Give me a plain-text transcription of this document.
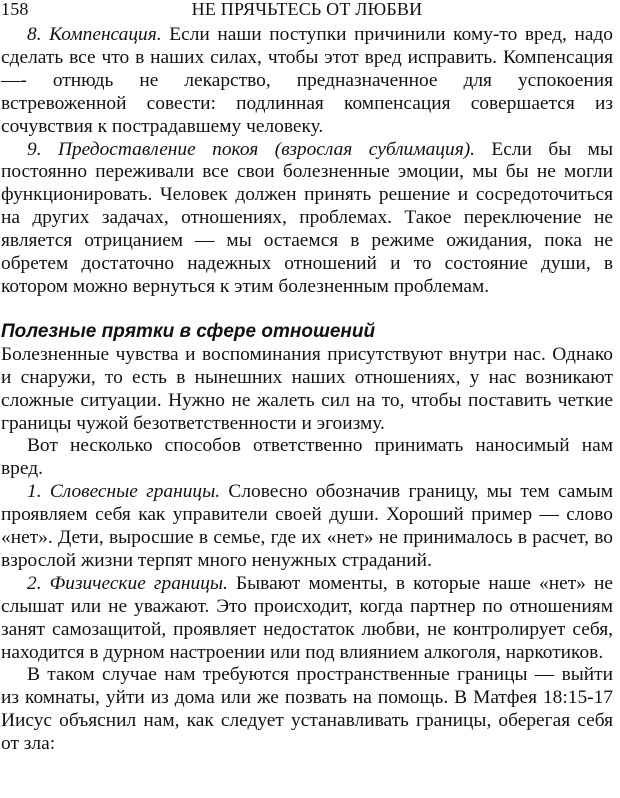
158	НЕ ПРЯЧЬТЕСЬ ОТ ЛЮБВИ

8. Компенсация. Если наши поступки причинили кому-то вред, надо сделать все что в наших силах, чтобы этот вред исправить. Компенсация —- отнюдь не лекарство, предназначенное для успокоения встревоженной совести: подлинная компенсация совершается из сочувствия к пострадавшему человеку.

9. Предоставление покоя (взрослая сублимация). Если бы мы постоянно переживали все свои болезненные эмоции, мы бы не могли функционировать. Человек должен принять решение и сосредоточиться на других задачах, отношениях, проблемах. Такое переключение не является отрицанием — мы остаемся в режиме ожидания, пока не обретем достаточно надежных отношений и то состояние души, в котором можно вернуться к этим болезненным проблемам.

Полезные прятки в сфере отношений

Болезненные чувства и воспоминания присутствуют внутри нас. Однако и снаружи, то есть в нынешних наших отношениях, у нас возникают сложные ситуации. Нужно не жалеть сил на то, чтобы поставить четкие границы чужой безответственности и эгоизму.

Вот несколько способов ответственно принимать наносимый нам вред.

1. Словесные границы. Словесно обозначив границу, мы тем самым проявляем себя как управители своей души. Хороший пример — слово «нет». Дети, выросшие в семье, где их «нет» не принималось в расчет, во взрослой жизни терпят много ненужных страданий.

2. Физические границы. Бывают моменты, в которые наше «нет» не слышат или не уважают. Это происходит, когда партнер по отношениям занят самозащитой, проявляет недостаток любви, не контролирует себя, находится в дурном настроении или под влиянием алкоголя, наркотиков.

В таком случае нам требуются пространственные границы — выйти из комнаты, уйти из дома или же позвать на помощь. В Матфея 18:15-17 Иисус объяснил нам, как следует устанавливать границы, оберегая себя от зла:
